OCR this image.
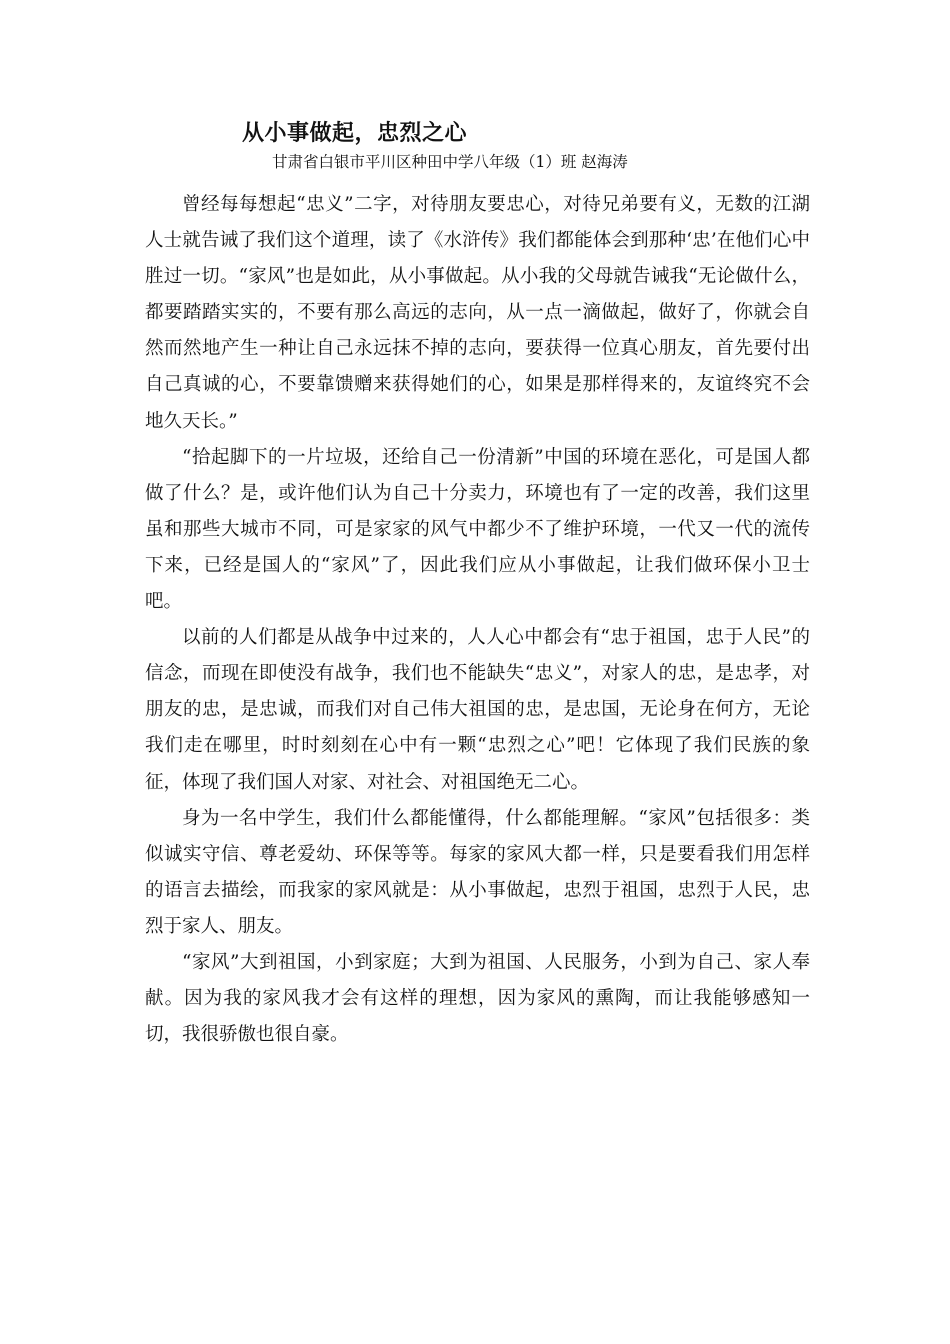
从小事做起，忠烈之心
甘肃省白银市平川区种田中学八年级（1）班 赵海涛

曾经每每想起“忠义”二字，对待朋友要忠心，对待兄弟要有义，无数的江湖人士就告诫了我们这个道理，读了《水浒传》我们都能体会到那种‘忠’在他们心中胜过一切。“家风”也是如此，从小事做起。从小我的父母就告诫我“无论做什么，都要踏踏实实的，不要有那么高远的志向，从一点一滴做起，做好了，你就会自然而然地产生一种让自己永远抹不掉的志向，要获得一位真心朋友，首先要付出自己真诚的心，不要靠馈赠来获得她们的心，如果是那样得来的，友谊终究不会地久天长。”

“拾起脚下的一片垃圾，还给自己一份清新”中国的环境在恶化，可是国人都做了什么？是，或许他们认为自己十分卖力，环境也有了一定的改善，我们这里虽和那些大城市不同，可是家家的风气中都少不了维护环境，一代又一代的流传下来，已经是国人的“家风”了，因此我们应从小事做起，让我们做环保小卫士吧。

以前的人们都是从战争中过来的，人人心中都会有“忠于祖国，忠于人民”的信念，而现在即使没有战争，我们也不能缺失“忠义”，对家人的忠，是忠孝，对朋友的忠，是忠诚，而我们对自己伟大祖国的忠，是忠国，无论身在何方，无论我们走在哪里，时时刻刻在心中有一颗“忠烈之心”吧！它体现了我们民族的象征，体现了我们国人对家、对社会、对祖国绝无二心。

身为一名中学生，我们什么都能懂得，什么都能理解。“家风”包括很多：类似诚实守信、尊老爱幼、环保等等。每家的家风大都一样，只是要看我们用怎样的语言去描绘，而我家的家风就是：从小事做起，忠烈于祖国，忠烈于人民，忠烈于家人、朋友。

“家风”大到祖国，小到家庭；大到为祖国、人民服务，小到为自己、家人奉献。因为我的家风我才会有这样的理想，因为家风的熏陶，而让我能够感知一切，我很骄傲也很自豪。
